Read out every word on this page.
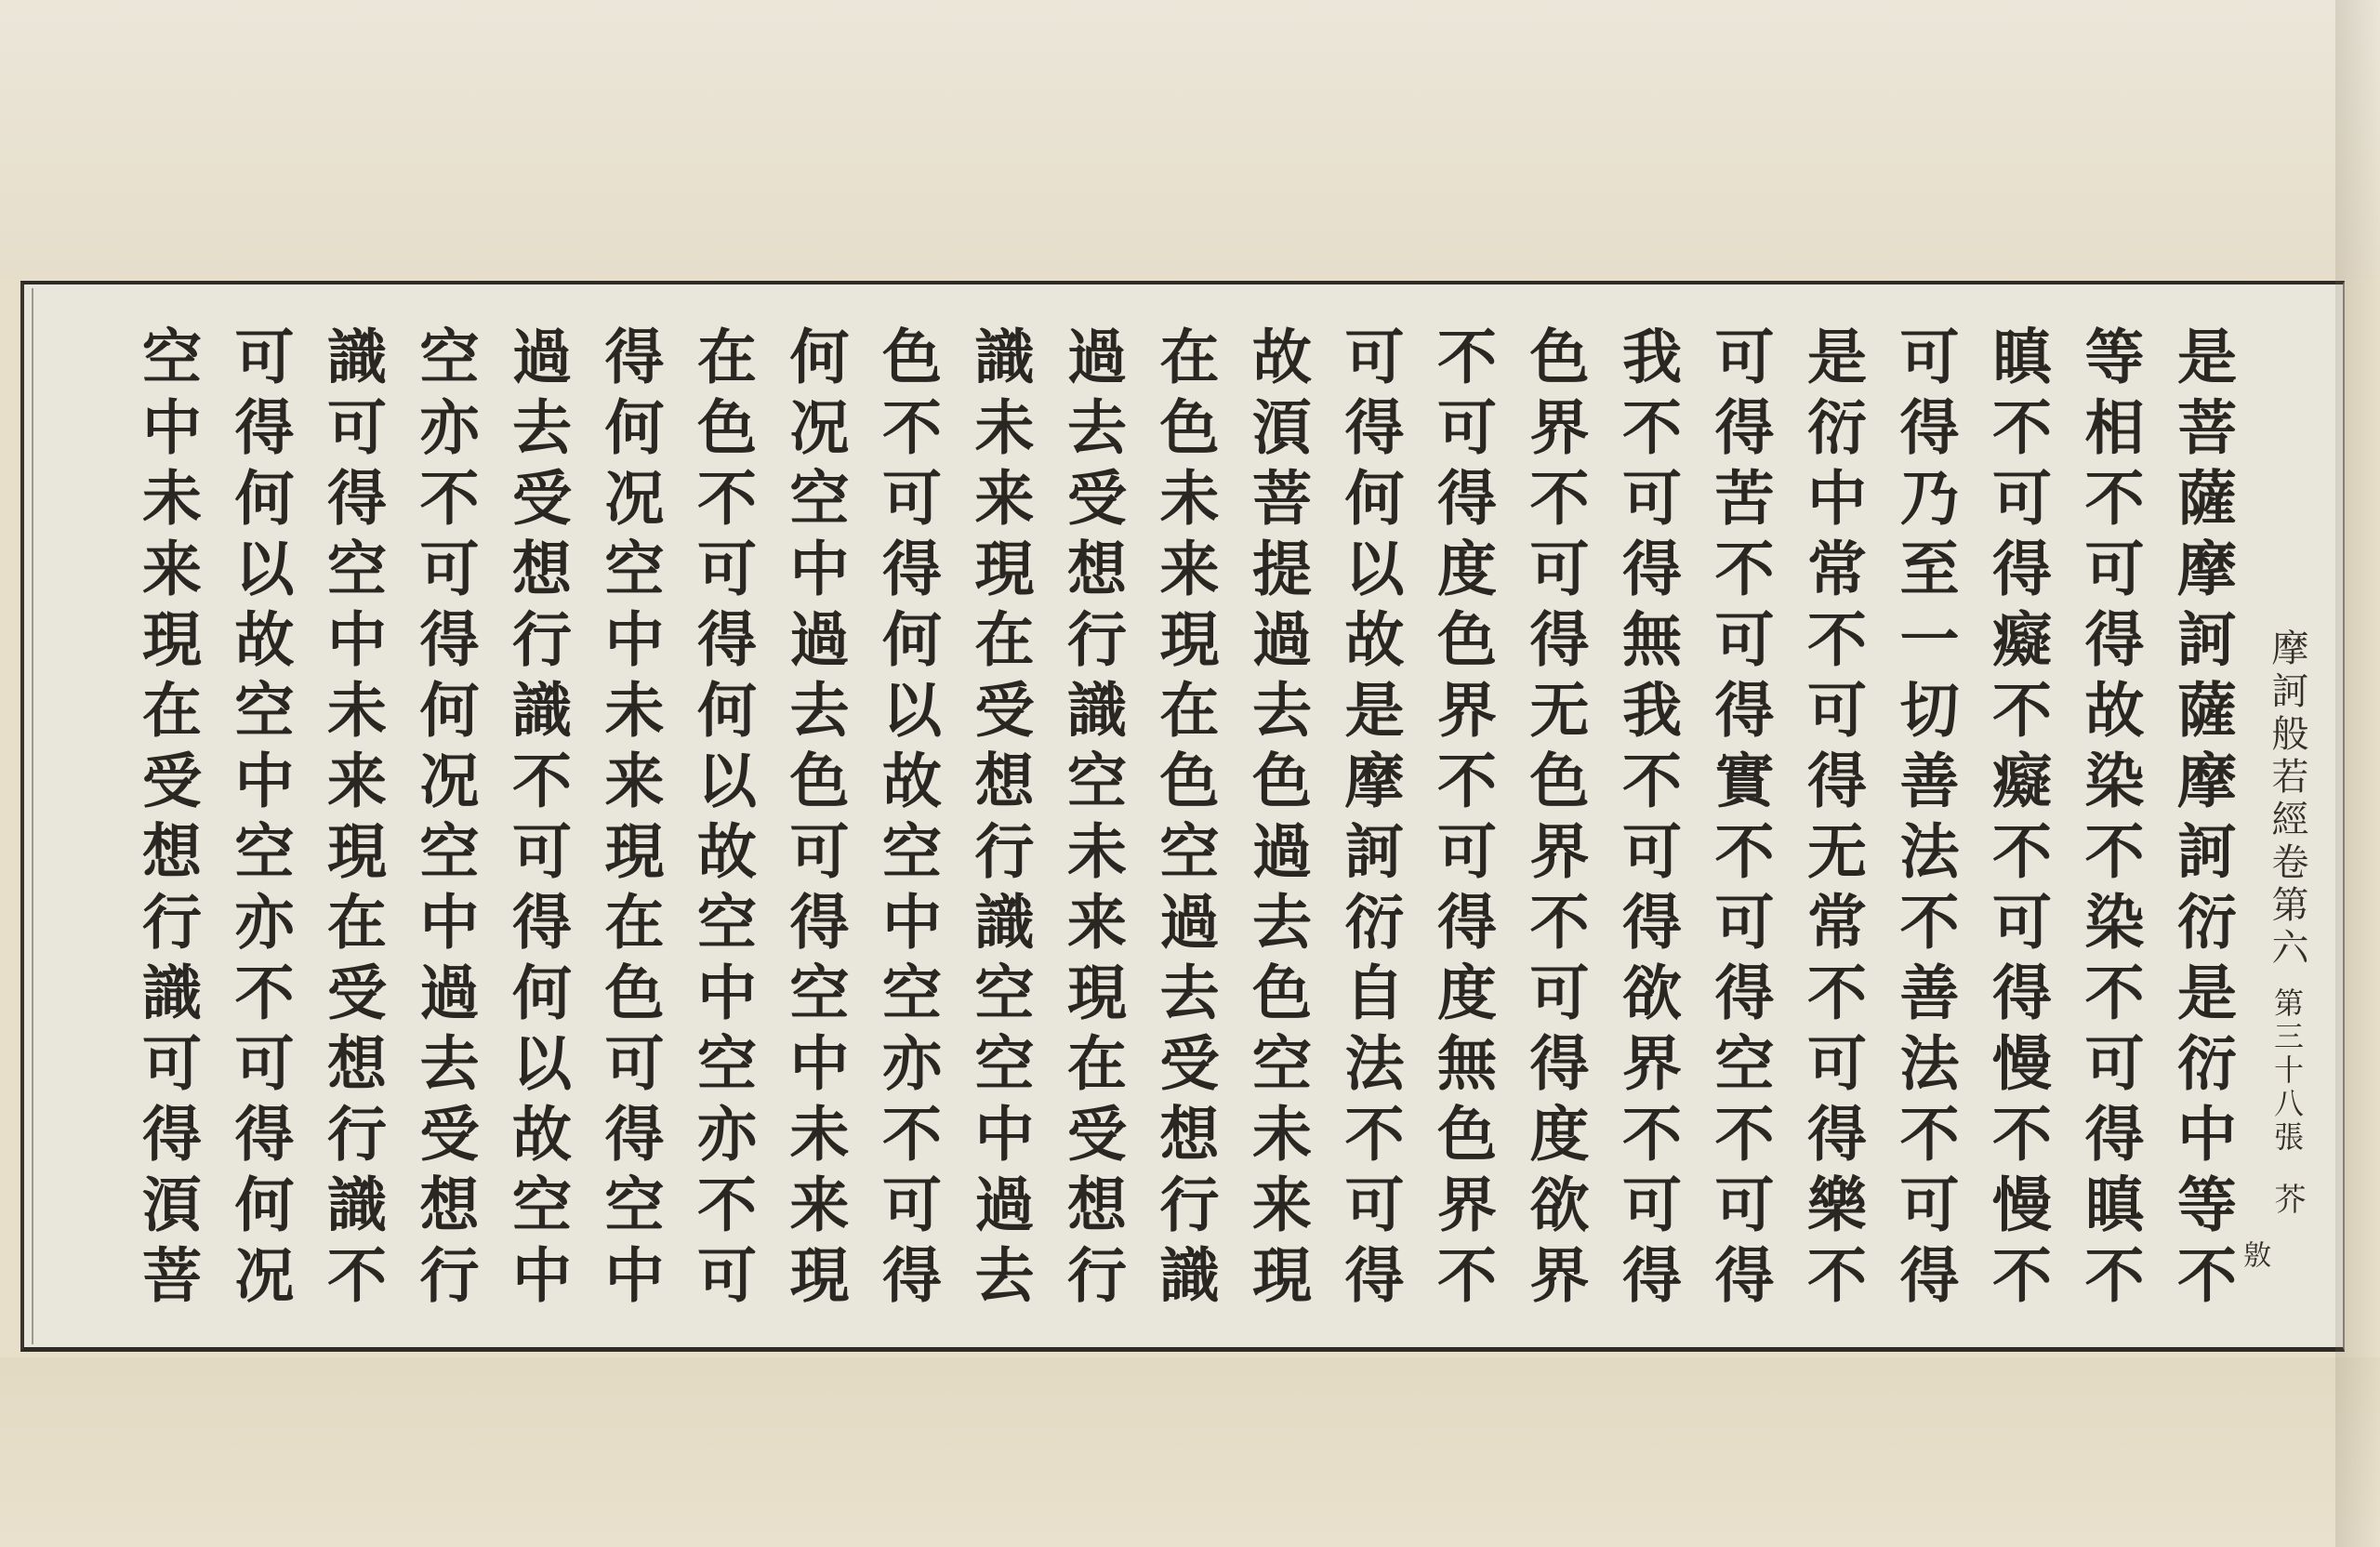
是菩薩摩訶薩摩訶衍是衍中等不
等相不可得故染不染不可得瞋不
瞋不可得癡不癡不可得慢不慢不
可得乃至一切善法不善法不可得
是衍中常不可得无常不可得樂不
可得苦不可得實不可得空不可得
我不可得無我不可得欲界不可得
色界不可得无色界不可得度欲界
不可得度色界不可得度無色界不
可得何以故是摩訶衍自法不可得
故湏菩提過去色過去色空未来現
在色未来現在色空過去受想行識
過去受想行識空未来現在受想行
識未来現在受想行識空空中過去
色不可得何以故空中空亦不可得
何况空中過去色可得空中未来現
在色不可得何以故空中空亦不可
得何况空中未来現在色可得空中
過去受想行識不可得何以故空中
空亦不可得何况空中過去受想行
識可得空中未来現在受想行識不
可得何以故空中空亦不可得何况
空中未来現在受想行識可得湏菩	摩訶般若經卷第六
第三十八張
芥
敫
